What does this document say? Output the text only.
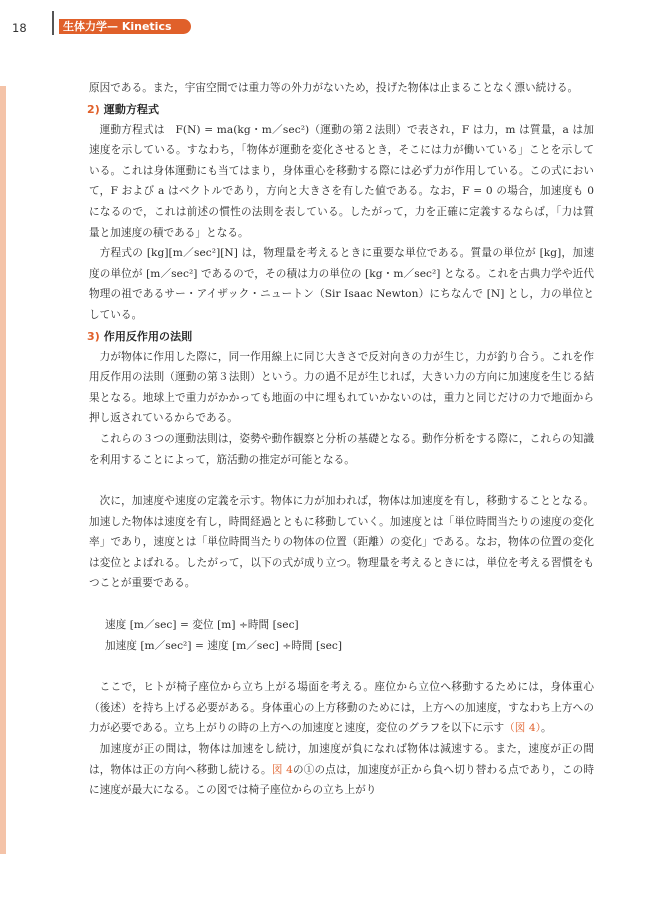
18	生体力学— Kinetics

原因である。また，宇宙空間では重力等の外力がないため，投げた物体は止まることなく漂い続ける。

2) 運動方程式

運動方程式は　F(N) = ma(kg・m／sec²)（運動の第２法則）で表され，F は力，m は質量，a は加速度を示している。すなわち，「物体が運動を変化させるとき，そこには力が働いている」ことを示している。これは身体運動にも当てはまり，身体重心を移動する際には必ず力が作用している。この式において，F および a はベクトルであり，方向と大きさを有した値である。なお，F = 0 の場合，加速度も 0 になるので，これは前述の慣性の法則を表している。したがって，力を正確に定義するならば，「力は質量と加速度の積である」となる。

方程式の [kg][m／sec²][N] は，物理量を考えるときに重要な単位である。質量の単位が [kg]，加速度の単位が [m／sec²] であるので，その積は力の単位の [kg・m／sec²] となる。これを古典力学や近代物理の祖であるサー・アイザック・ニュートン（Sir Isaac Newton）にちなんで [N] とし，力の単位としている。

3) 作用反作用の法則

力が物体に作用した際に，同一作用線上に同じ大きさで反対向きの力が生じ，力が釣り合う。これを作用反作用の法則（運動の第３法則）という。力の過不足が生じれば，大きい力の方向に加速度を生じる結果となる。地球上で重力がかかっても地面の中に埋もれていかないのは，重力と同じだけの力で地面から押し返されているからである。

これらの３つの運動法則は，姿勢や動作観察と分析の基礎となる。動作分析をする際に，これらの知識を利用することによって，筋活動の推定が可能となる。

次に，加速度や速度の定義を示す。物体に力が加われば，物体は加速度を有し，移動することとなる。加速した物体は速度を有し，時間経過とともに移動していく。加速度とは「単位時間当たりの速度の変化率」であり，速度とは「単位時間当たりの物体の位置（距離）の変化」である。なお，物体の位置の変化は変位とよばれる。したがって，以下の式が成り立つ。物理量を考えるときには，単位を考える習慣をもつことが重要である。

速度 [m／sec] = 変位 [m] ÷時間 [sec]

加速度 [m／sec²] = 速度 [m／sec] ÷時間 [sec]

ここで，ヒトが椅子座位から立ち上がる場面を考える。座位から立位へ移動するためには，身体重心（後述）を持ち上げる必要がある。身体重心の上方移動のためには，上方への加速度，すなわち上方への力が必要である。立ち上がりの時の上方への加速度と速度，変位のグラフを以下に示す（図 4）。

加速度が正の間は，物体は加速をし続け，加速度が負になれば物体は減速する。また，速度が正の間は，物体は正の方向へ移動し続ける。図 4の①の点は，加速度が正から負へ切り替わる点であり，この時に速度が最大になる。この図では椅子座位からの立ち上がり
